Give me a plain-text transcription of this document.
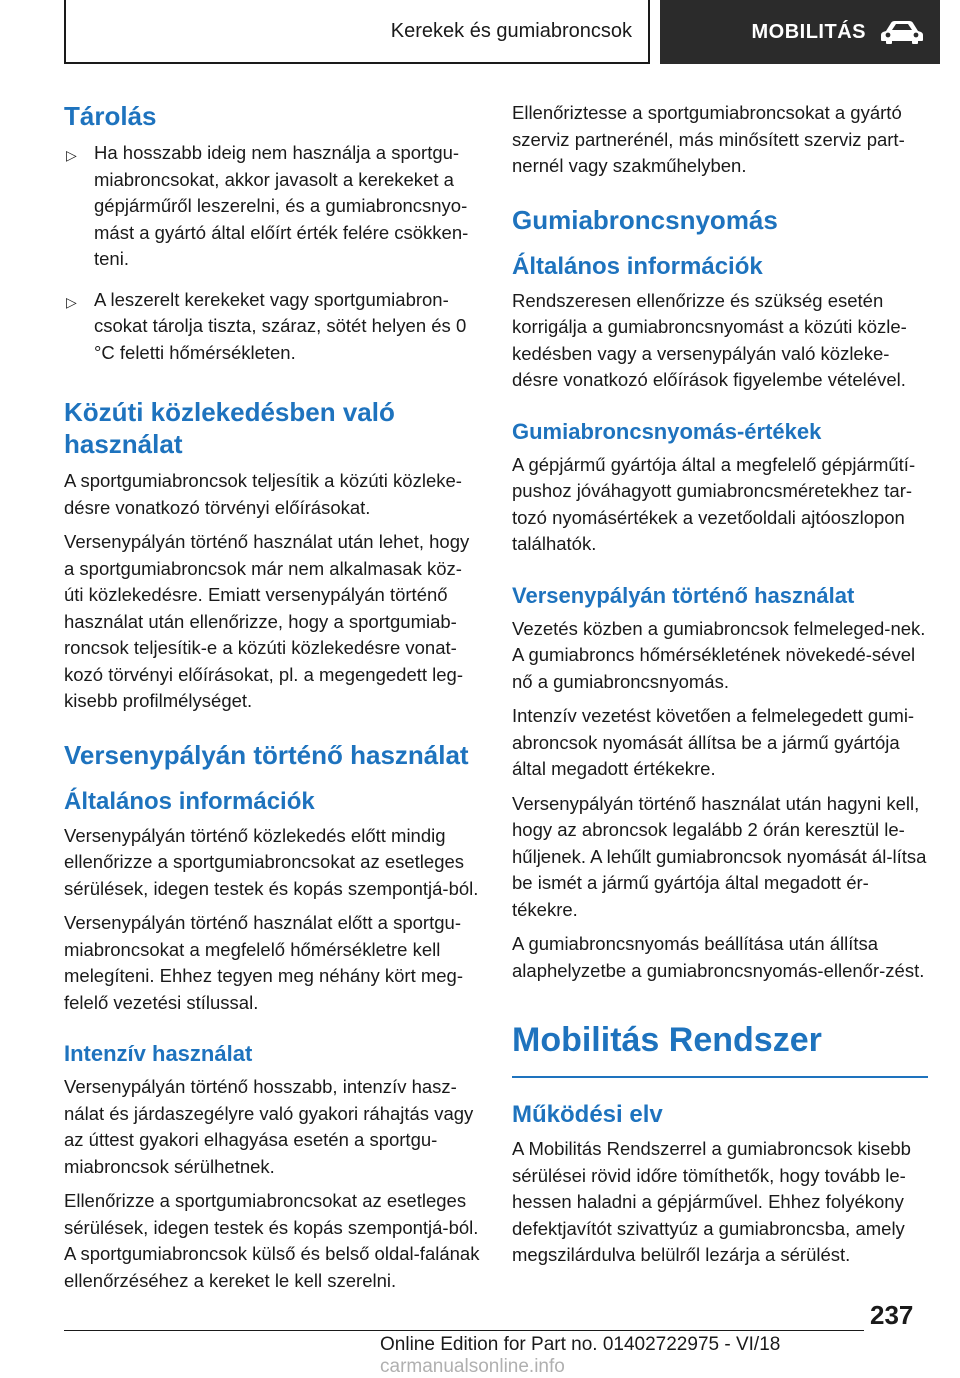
Kerekek és gumiabroncsok	MOBILITÁS
Tárolás
▷ Ha hosszabb ideig nem használja a sportgu-miabroncsokat, akkor javasolt a kerekeket a gépjárműről leszerelni, és a gumiabroncsnyo-mást a gyártó által előírt érték felére csökken-teni.
▷ A leszerelt kerekeket vagy sportgumiabron-csokat tárolja tiszta, száraz, sötét helyen és 0 °C feletti hőmérsékleten.
Közúti közlekedésben való használat

A sportgumiabroncsok teljesítik a közúti közleke-désre vonatkozó törvényi előírásokat.

Versenypályán történő használat után lehet, hogy a sportgumiabroncsok már nem alkalmasak köz-úti közlekedésre. Emiatt versenypályán történő használat után ellenőrizze, hogy a sportgumiab-roncsok teljesítik-e a közúti közlekedésre vonat-kozó törvényi előírásokat, pl. a megengedett leg-kisebb profilmélységet.

Versenypályán történő használat
Általános információk

Versenypályán történő közlekedés előtt mindig ellenőrizze a sportgumiabroncsokat az esetleges sérülések, idegen testek és kopás szempontjá-ból.

Versenypályán történő használat előtt a sportgu-miabroncsokat a megfelelő hőmérsékletre kell melegíteni. Ehhez tegyen meg néhány kört meg-felelő vezetési stílussal.

Intenzív használat

Versenypályán történő hosszabb, intenzív hasz-nálat és járdaszegélyre való gyakori ráhajtás vagy az úttest gyakori elhagyása esetén a sportgu-miabroncsok sérülhetnek.

Ellenőrizze a sportgumiabroncsokat az esetleges sérülések, idegen testek és kopás szempontjá-ból. A sportgumiabroncsok külső és belső oldal-falának ellenőrzéséhez a kereket le kell szerelni.

Ellenőriztesse a sportgumiabroncsokat a gyártó szerviz partnerénél, más minősített szerviz part-nernél vagy szakműhelyben.

Gumiabroncsnyomás
Általános információk

Rendszeresen ellenőrizze és szükség esetén korrigálja a gumiabroncsnyomást a közúti közle-kedésben vagy a versenypályán való közleke-désre vonatkozó előírások figyelembe vételével.

Gumiabroncsnyomás-értékek

A gépjármű gyártója által a megfelelő gépjárműtí-pushoz jóváhagyott gumiabroncsméretekhez tar-tozó nyomásértékek a vezetőoldali ajtóoszlopon találhatók.

Versenypályán történő használat

Vezetés közben a gumiabroncsok felmeleged-nek. A gumiabroncs hőmérsékletének növekedé-sével nő a gumiabroncsnyomás.

Intenzív vezetést követően a felmelegedett gumi-abroncsok nyomását állítsa be a jármű gyártója által megadott értékekre.

Versenypályán történő használat után hagyni kell, hogy az abroncsok legalább 2 órán keresztül le-hűljenek. A lehűlt gumiabroncsok nyomását ál-lítsa be ismét a jármű gyártója által megadott ér-tékekre.

A gumiabroncsnyomás beállítása után állítsa alaphelyzetbe a gumiabroncsnyomás-ellenőr-zést.

Mobilitás Rendszer
Működési elv

A Mobilitás Rendszerrel a gumiabroncsok kisebb sérülései rövid időre tömíthetők, hogy tovább le-hessen haladni a gépjárművel. Ehhez folyékony defektjavítót szivattyúz a gumiabroncsba, amely megszilárdulva belülről lezárja a sérülést.

237
Online Edition for Part no. 01402722975 - VI/18 carmanualsonline.info
